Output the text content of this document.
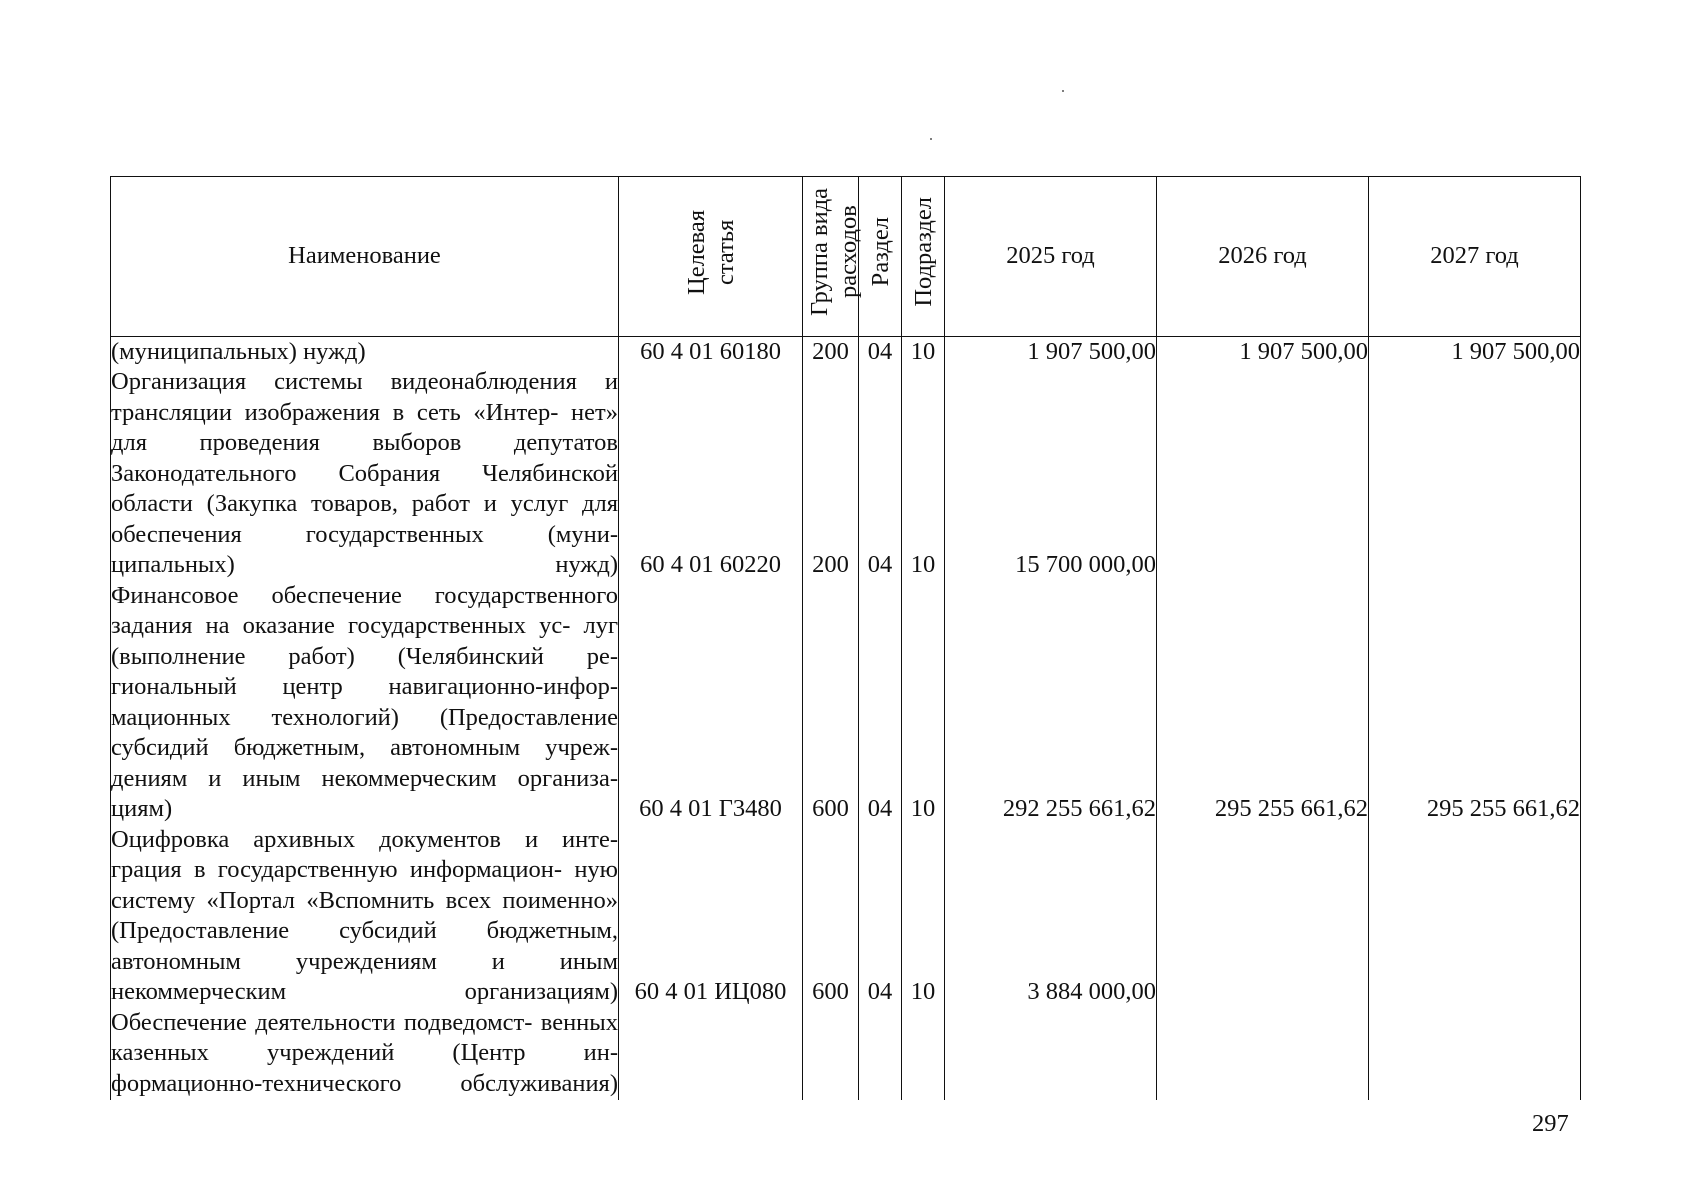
Наименование	Целевая статья	Группа вида расходов	Раздел	Подраздел	2025 год	2026 год	2027 год
(муниципальных) нужд)	60 4 01 60180	200	04	10	1 907 500,00	1 907 500,00	1 907 500,00
Организация системы видеонаблюдения и трансляции изображения в сеть «Интер- нет» для проведения выборов депутатов Законодательного Собрания Челябинской области (Закупка товаров, работ и услуг для обеспечения государственных (муни- ципальных) нужд)	60 4 01 60220	200	04	10	15 700 000,00		
Финансовое обеспечение государственного задания на оказание государственных ус- луг (выполнение работ) (Челябинский ре- гиональный центр навигационно-инфор- мационных технологий) (Предоставление субсидий бюджетным, автономным учреж- дениям и иным некоммерческим организа- циям)	60 4 01 Г3480	600	04	10	292 255 661,62	295 255 661,62	295 255 661,62
Оцифровка архивных документов и инте- грация в государственную информацион- ную систему «Портал «Вспомнить всех поименно» (Предоставление субсидий бюджетным, автономным учреждениям и иным некоммерческим организациям)	60 4 01 ИЦ080	600	04	10	3 884 000,00		
Обеспечение деятельности подведомст- венных казенных учреждений (Центр ин- формационно-технического обслуживания)							
297
